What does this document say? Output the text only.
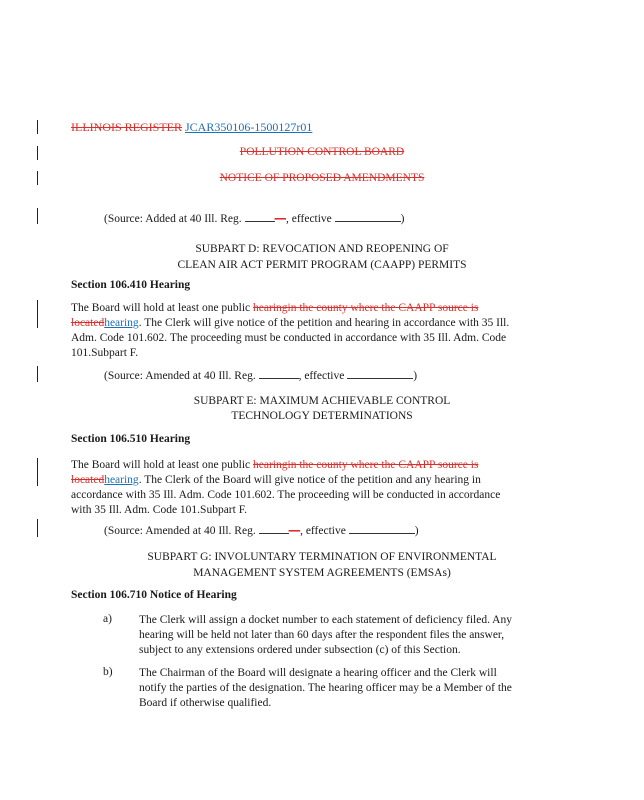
ILLINOIS REGISTER JCAR350106-1500127r01
POLLUTION CONTROL BOARD
NOTICE OF PROPOSED AMENDMENTS
(Source: Added at 40 Ill. Reg.	—, effective	)
SUBPART D: REVOCATION AND REOPENING OF
CLEAN AIR ACT PERMIT PROGRAM (CAAPP) PERMITS
Section 106.410 Hearing
The Board will hold at least one public hearingin the county where the CAAPP source is locatedhearing. The Clerk will give notice of the petition and hearing in accordance with 35 Ill. Adm. Code 101.602. The proceeding must be conducted in accordance with 35 Ill. Adm. Code 101.Subpart F.
(Source: Amended at 40 Ill. Reg.	, effective	)
SUBPART E: MAXIMUM ACHIEVABLE CONTROL
TECHNOLOGY DETERMINATIONS
Section 106.510 Hearing
The Board will hold at least one public hearingin the county where the CAAPP source is locatedhearing. The Clerk of the Board will give notice of the petition and any hearing in accordance with 35 Ill. Adm. Code 101.602. The proceeding will be conducted in accordance with 35 Ill. Adm. Code 101.Subpart F.
(Source: Amended at 40 Ill. Reg.	—, effective	)
SUBPART G: INVOLUNTARY TERMINATION OF ENVIRONMENTAL
MANAGEMENT SYSTEM AGREEMENTS (EMSAs)
Section 106.710 Notice of Hearing
a) The Clerk will assign a docket number to each statement of deficiency filed. Any hearing will be held not later than 60 days after the respondent files the answer, subject to any extensions ordered under subsection (c) of this Section.
b) The Chairman of the Board will designate a hearing officer and the Clerk will notify the parties of the designation. The hearing officer may be a Member of the Board if otherwise qualified.
